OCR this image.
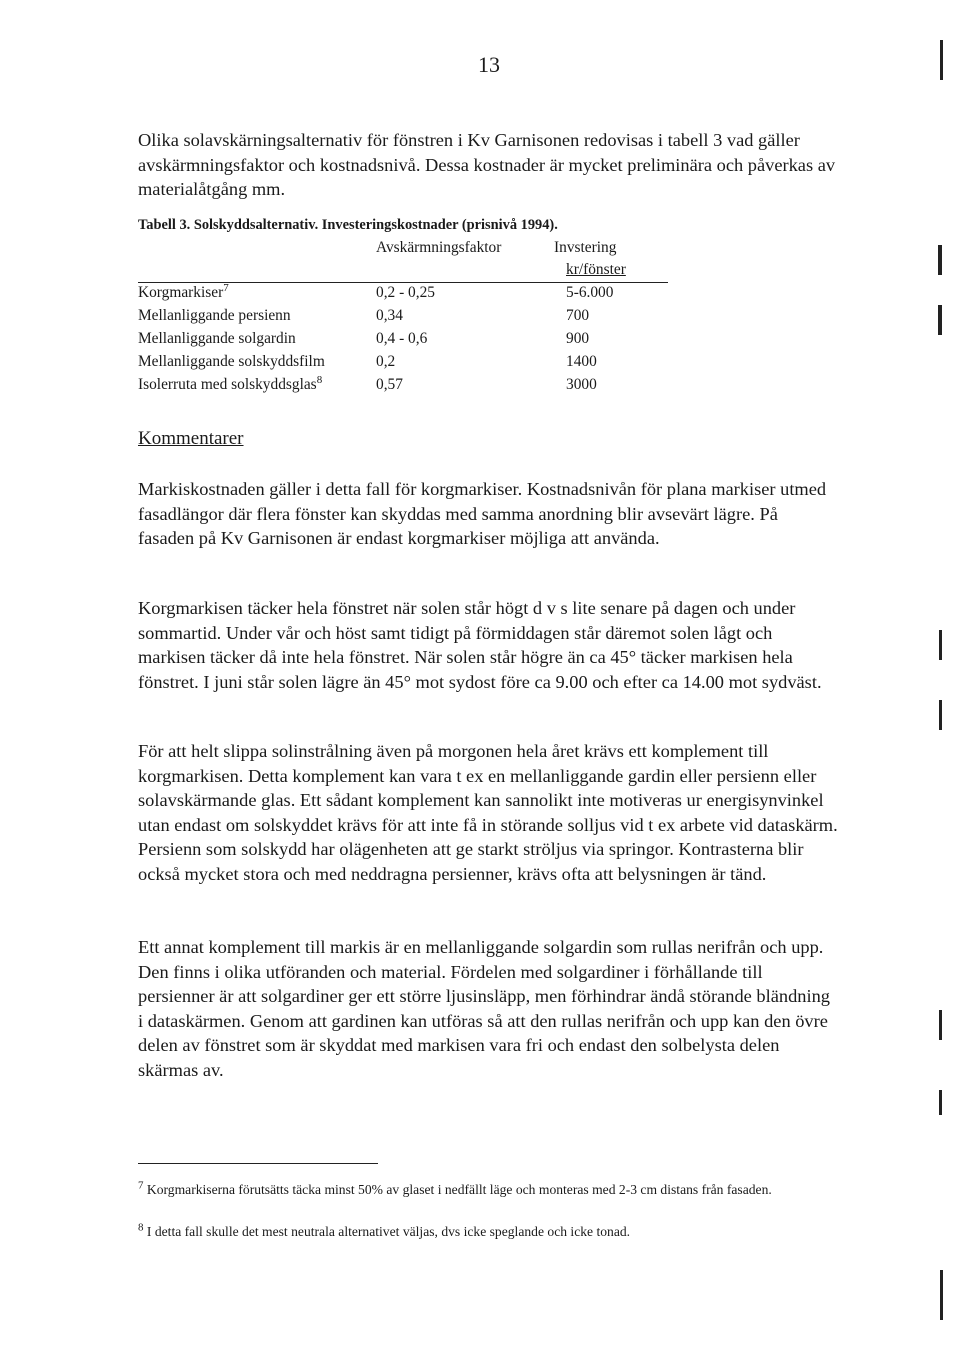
13
Olika solavskärningsalternativ för fönstren i Kv Garnisonen redovisas i tabell 3 vad gäller avskärmningsfaktor och kostnadsnivå. Dessa kostnader är mycket preliminära och påverkas av materialåtgång mm.
Tabell 3. Solskyddsalternativ. Investeringskostnader (prisnivå 1994).
Avskärmningsfaktor	Invstering
kr/fönster
Korgmarkiser$^7$	0,2 - 0,25	5-6.000
Mellanliggande persienn	0,34	700
Mellanliggande solgardin	0,4 - 0,6	900
Mellanliggande solskyddsfilm	0,2	1400
Isolerruta med solskyddsglas$^8$	0,57	3000
Kommentarer
Markiskostnaden gäller i detta fall för korgmarkiser. Kostnadsnivån för plana markiser utmed fasadlängor där flera fönster kan skyddas med samma anordning blir avsevärt lägre. På fasaden på Kv Garnisonen är endast korgmarkiser möjliga att använda.
Korgmarkisen täcker hela fönstret när solen står högt d v s lite senare på dagen och under sommartid. Under vår och höst samt tidigt på förmiddagen står däremot solen lågt och markisen täcker då inte hela fönstret. När solen står högre än ca 45° täcker markisen hela fönstret. I juni står solen lägre än 45° mot sydost före ca 9.00 och efter ca 14.00 mot sydväst.
För att helt slippa solinstrålning även på morgonen hela året krävs ett komplement till korgmarkisen. Detta komplement kan vara t ex en mellanliggande gardin eller persienn eller solavskärmande glas. Ett sådant komplement kan sannolikt inte motiveras ur energisynvinkel utan endast om solskyddet krävs för att inte få in störande solljus vid t ex arbete vid dataskärm. Persienn som solskydd har olägenheten att ge starkt ströljus via springor. Kontrasterna blir också mycket stora och med neddragna persienner, krävs ofta att belysningen är tänd.
Ett annat komplement till markis är en mellanliggande solgardin som rullas nerifrån och upp. Den finns i olika utföranden och material. Fördelen med solgardiner i förhållande till persienner är att solgardiner ger ett större ljusinsläpp, men förhindrar ändå störande bländning i dataskärmen. Genom att gardinen kan utföras så att den rullas nerifrån och upp kan den övre delen av fönstret som är skyddat med markisen vara fri och endast den solbelysta delen skärmas av.
$^7$ Korgmarkiserna förutsätts täcka minst 50% av glaset i nedfällt läge och monteras med 2-3 cm distans från fasaden.
$^8$ I detta fall skulle det mest neutrala alternativet väljas, dvs icke speglande och icke tonad.
